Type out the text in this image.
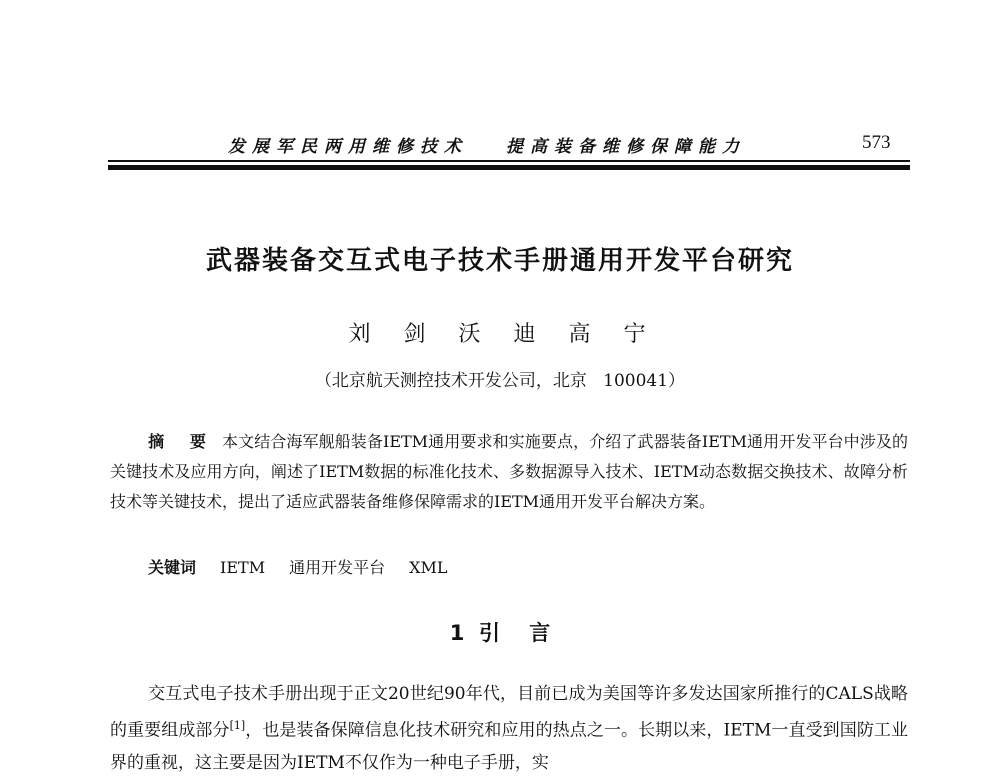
发展军民两用维修技术 提高装备维修保障能力	573
武器装备交互式电子技术手册通用开发平台研究
刘 剑 沃 迪 高 宁
（北京航天测控技术开发公司，北京   100041）
摘 要 本文结合海军舰船装备IETM通用要求和实施要点，介绍了武器装备IETM通用开发平台中涉及的关键技术及应用方向，阐述了IETM数据的标准化技术、多数据源导入技术、IETM动态数据交换技术、故障分析技术等关键技术，提出了适应武器装备维修保障需求的IETM通用开发平台解决方案。
关键词 IETM 通用开发平台 XML
1 引    言
交互式电子技术手册出现于正文20世纪90年代，目前已成为美国等许多发达国家所推行的CALS战略的重要组成部分[1]，也是装备保障信息化技术研究和应用的热点之一。长期以来，IETM一直受到国防工业界的重视，这主要是因为IETM不仅作为一种电子手册，实
